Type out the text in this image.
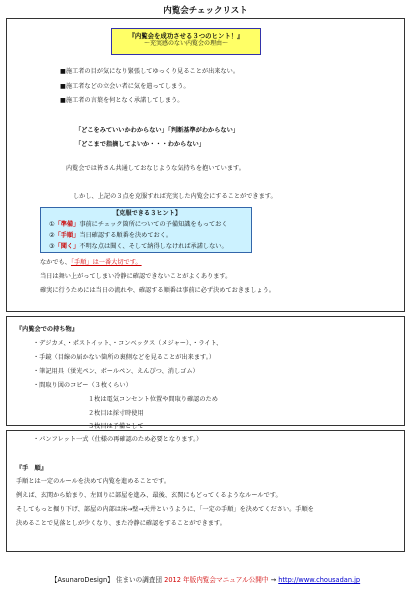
内覧会チェックリスト
『内覧会を成功させる３つのヒント！』
～充実感のない内覧会の理由～
■施工者の目が気になり緊張してゆっくり見ることが出来ない。
■施工者などの立会い者に気を遣ってしまう。
■施工者の言葉を何となく承諾してしまう。
「どこをみていいかわからない」「判断基準がわからない」
「どこまで指摘してよいか・・・わからない」
内覧会では皆さん共通しておなじような気持ちを抱いています。
しかし、上記の３点を克服すれば充実した内覧会にすることができます。
【克服できる３ヒント】
①「準備」事前にチェック箇所についての予備知識をもっておく
②「手順」当日確認する順番を決めておく。
③「聞く」不明な点は聞く、そして納得しなければ承諾しない。
なかでも、「手順」は一番大切です。
当日は舞い上がってしまい冷静に確認できないことがよくあります。
確実に行うためには当日の流れや、確認する順番は事前に必ず決めておきましょう。
『内覧会での持ち物』
・デジカメ、・ポストイット、・コンベックス（メジャー）、・ライト、
・手鏡（目線の届かない箇所の裏側などを見ることが出来ます。）
・筆記用具（蛍光ペン、ボールペン、えんぴつ、消しゴム）
・間取り図のコピー（３枚くらい）
１枚は電気コンセント位置や間取り確認のため
２枚目は採寸時使用
３枚目は予備として
・パンフレット一式（仕様の再確認のため必要となります。）
『手　順』
手順とは一定のルールを決めて内覧を進めることです。
例えば、玄関から始まり、左回りに部屋を進み、最後、玄関にもどってくるようなルールです。
そしてもっと掘り下げ、部屋の内部は床→壁→天井というように、「一定の手順」を決めてください。手順を
決めることで見落としが少くなり、また冷静に確認をすることができます。
【AsunaroDesign】 住まいの調査団 2012 年版内覧会マニュアル公開中 → http://www.chousadan.jp
